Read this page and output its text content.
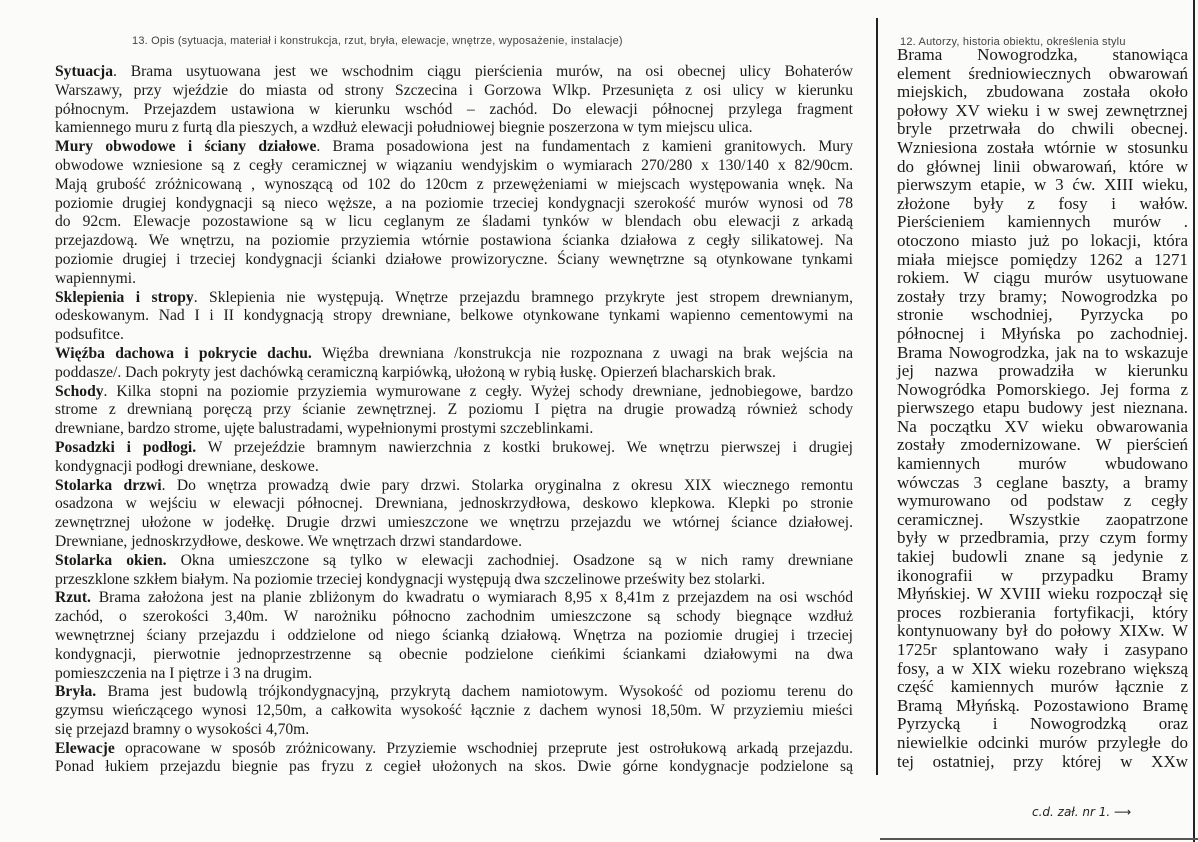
13. Opis (sytuacja, materiał i konstrukcja, rzut, bryła, elewacje, wnętrze, wyposażenie, instalacje)	12. Autorzy, historia obiektu, określenia stylu
Sytuacja. Brama usytuowana jest we wschodnim ciągu pierścienia murów, na osi obecnej ulicy Bohaterów
Warszawy, przy wjeździe do miasta od strony Szczecina i Gorzowa Wlkp. Przesunięta z osi ulicy w kierunku
północnym. Przejazdem ustawiona w kierunku wschód – zachód. Do elewacji północnej przylega fragment
kamiennego muru z furtą dla pieszych, a wzdłuż elewacji południowej biegnie poszerzona w tym miejscu ulica.
Mury obwodowe i ściany działowe. Brama posadowiona jest na fundamentach z kamieni granitowych. Mury
obwodowe wzniesione są z cegły ceramicznej w wiązaniu wendyjskim o wymiarach 270/280 x 130/140 x 82/90cm.
Mają grubość zróżnicowaną , wynoszącą od 102 do 120cm z przewężeniami w miejscach występowania wnęk. Na
poziomie drugiej kondygnacji są nieco węższe, a na poziomie trzeciej kondygnacji szerokość murów wynosi od 78
do 92cm. Elewacje pozostawione są w licu ceglanym ze śladami tynków w blendach obu elewacji z arkadą
przejazdową. We wnętrzu, na poziomie przyziemia wtórnie postawiona ścianka działowa z cegły silikatowej. Na
poziomie drugiej i trzeciej kondygnacji ścianki działowe prowizoryczne. Ściany wewnętrzne są otynkowane tynkami
wapiennymi.
Sklepienia i stropy. Sklepienia nie występują. Wnętrze przejazdu bramnego przykryte jest stropem drewnianym,
odeskowanym. Nad I i II kondygnacją stropy drewniane, belkowe otynkowane tynkami wapienno cementowymi na
podsufitce.
Więźba dachowa i pokrycie dachu. Więźba drewniana /konstrukcja nie rozpoznana z uwagi na brak wejścia na
poddasze/. Dach pokryty jest dachówką ceramiczną karpiówką, ułożoną w rybią łuskę. Opierzeń blacharskich brak.
Schody. Kilka stopni na poziomie przyziemia wymurowane z cegły. Wyżej schody drewniane, jednobiegowe, bardzo
strome z drewnianą poręczą przy ścianie zewnętrznej. Z poziomu I piętra na drugie prowadzą również schody
drewniane, bardzo strome, ujęte balustradami, wypełnionymi prostymi szczeblinkami.
Posadzki i podłogi. W przejeździe bramnym nawierzchnia z kostki brukowej. We wnętrzu pierwszej i drugiej
kondygnacji podłogi drewniane, deskowe.
Stolarka drzwi. Do wnętrza prowadzą dwie pary drzwi. Stolarka oryginalna z okresu XIX wiecznego remontu
osadzona w wejściu w elewacji północnej. Drewniana, jednoskrzydłowa, deskowo klepkowa. Klepki po stronie
zewnętrznej ułożone w jodełkę. Drugie drzwi umieszczone we wnętrzu przejazdu we wtórnej ściance działowej.
Drewniane, jednoskrzydłowe, deskowe. We wnętrzach drzwi standardowe.
Stolarka okien. Okna umieszczone są tylko w elewacji zachodniej. Osadzone są w nich ramy drewniane
przeszklone szkłem białym. Na poziomie trzeciej kondygnacji występują dwa szczelinowe prześwity bez stolarki.
Rzut. Brama założona jest na planie zbliżonym do kwadratu o wymiarach 8,95 x 8,41m z przejazdem na osi wschód
zachód, o szerokości 3,40m. W narożniku północno zachodnim umieszczone są schody biegnące wzdłuż
wewnętrznej ściany przejazdu i oddzielone od niego ścianką działową. Wnętrza na poziomie drugiej i trzeciej
kondygnacji, pierwotnie jednoprzestrzenne są obecnie podzielone cieńkimi ściankami działowymi na dwa
pomieszczenia na I piętrze i 3 na drugim.
Bryła. Brama jest budowlą trójkondygnacyjną, przykrytą dachem namiotowym. Wysokość od poziomu terenu do
gzymsu wieńczącego wynosi 12,50m, a całkowita wysokość łącznie z dachem wynosi 18,50m. W przyziemiu mieści
się przejazd bramny o wysokości 4,70m.
Elewacje opracowane w sposób zróżnicowany. Przyziemie wschodniej przeprute jest ostrołukową arkadą przejazdu.
Ponad łukiem przejazdu biegnie pas fryzu z cegieł ułożonych na skos. Dwie górne kondygnacje podzielone są
Brama Nowogrodzka, stanowiąca
element średniowiecznych obwarowań
miejskich, zbudowana została około
połowy XV wieku i w swej zewnętrznej
bryle przetrwała do chwili obecnej.
Wzniesiona została wtórnie w stosunku
do głównej linii obwarowań, które w
pierwszym etapie, w 3 ćw. XIII wieku,
złożone były z fosy i wałów.
Pierścieniem kamiennych murów .
otoczono miasto już po lokacji, która
miała miejsce pomiędzy 1262 a 1271
rokiem. W ciągu murów usytuowane
zostały trzy bramy; Nowogrodzka po
stronie wschodniej, Pyrzycka po
północnej i Młyńska po zachodniej.
Brama Nowogrodzka, jak na to wskazuje
jej nazwa prowadziła w kierunku
Nowogródka Pomorskiego. Jej forma z
pierwszego etapu budowy jest nieznana.
Na początku XV wieku obwarowania
zostały zmodernizowane. W pierścień
kamiennych murów wbudowano
wówczas 3 ceglane baszty, a bramy
wymurowano od podstaw z cegły
ceramicznej. Wszystkie zaopatrzone
były w przedbramia, przy czym formy
takiej budowli znane są jedynie z
ikonografii w przypadku Bramy
Młyńskiej. W XVIII wieku rozpoczął się
proces rozbierania fortyfikacji, który
kontynuowany był do połowy XIXw. W
1725r splantowano wały i zasypano
fosy, a w XIX wieku rozebrano większą
część kamiennych murów łącznie z
Bramą Młyńską. Pozostawiono Bramę
Pyrzycką i Nowogrodzką oraz
niewielkie odcinki murów przyległe do
tej ostatniej, przy której w XXw
c.d. zał. nr 1. ⟶
